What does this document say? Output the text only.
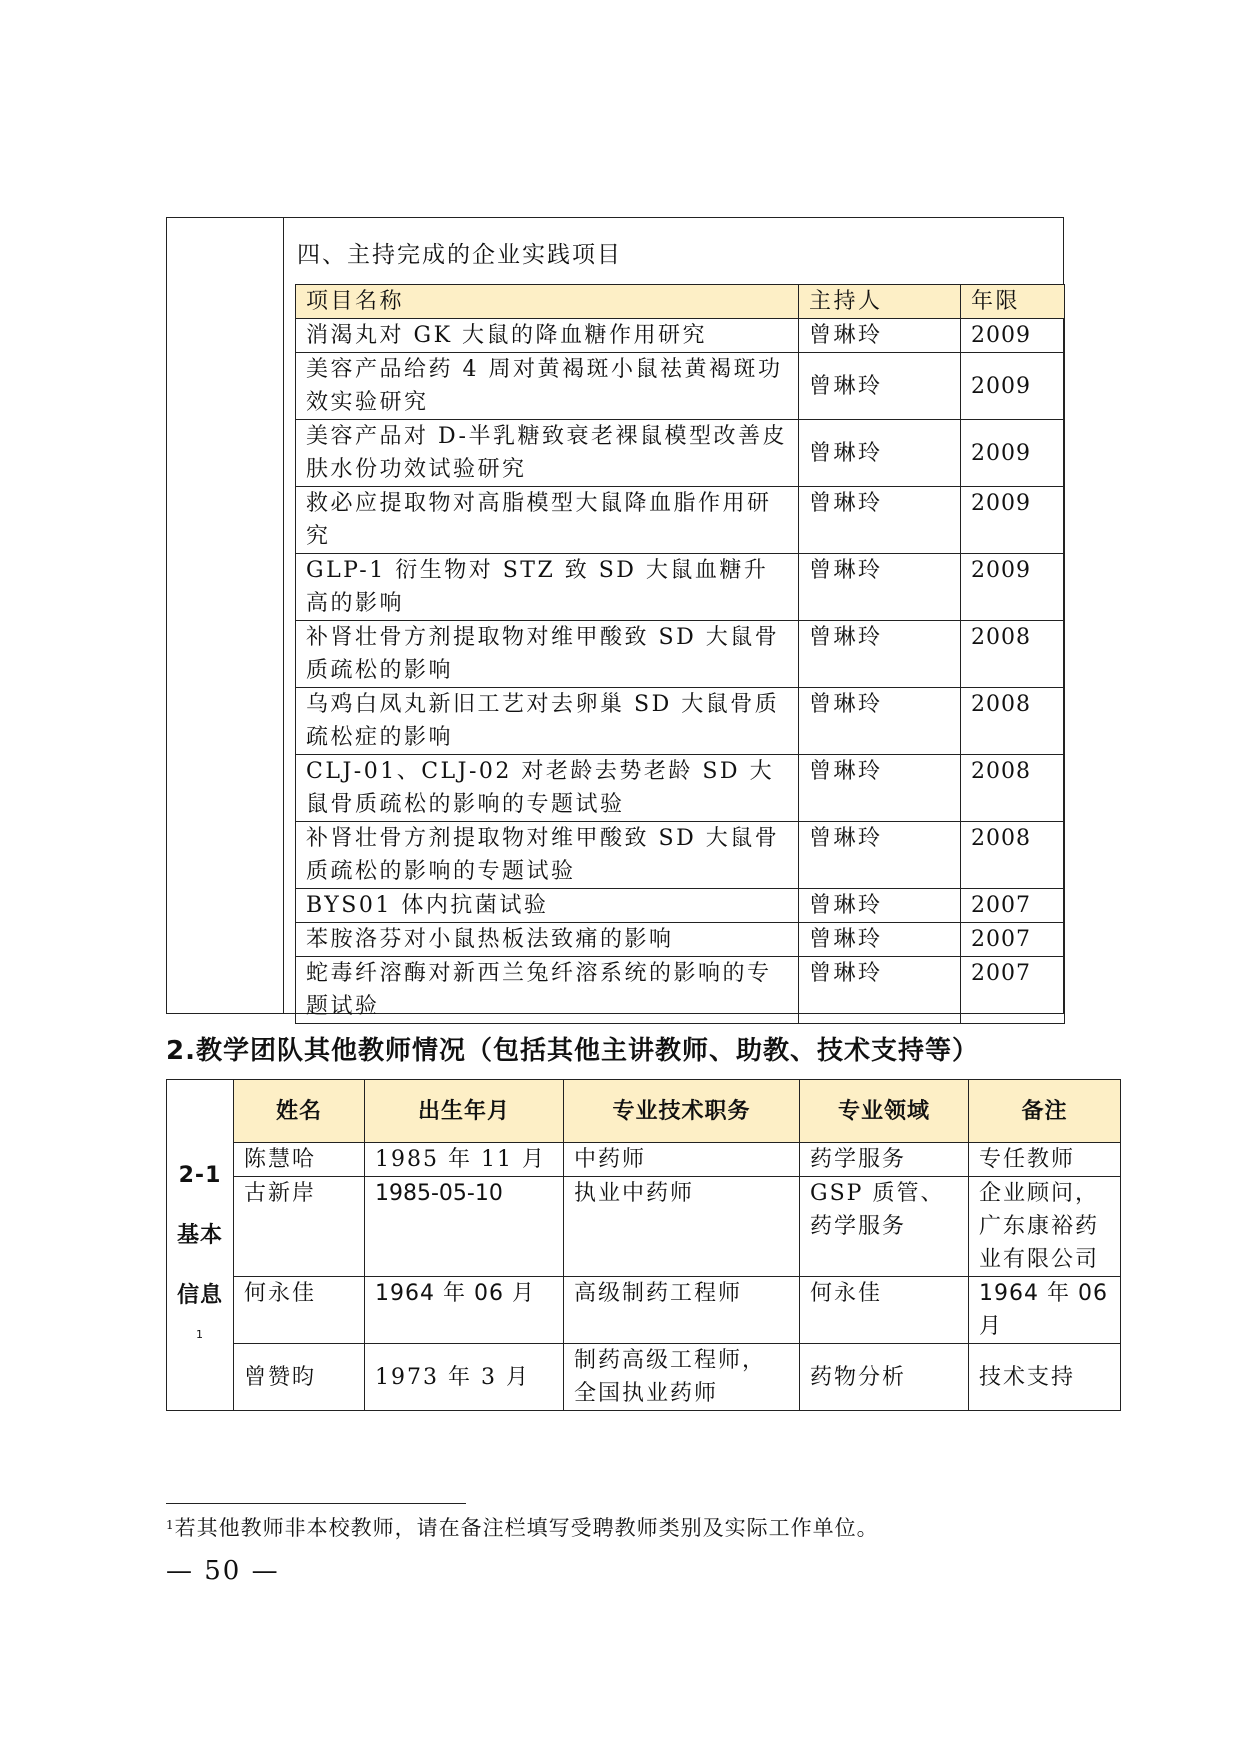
四、主持完成的企业实践项目
项目名称	主持人	年限
消渴丸对 GK 大鼠的降血糖作用研究	曾琳玲	2009
美容产品给药 4 周对黄褐斑小鼠祛黄褐斑功效实验研究	曾琳玲	2009
美容产品对 D-半乳糖致衰老裸鼠模型改善皮肤水份功效试验研究	曾琳玲	2009
救必应提取物对高脂模型大鼠降血脂作用研究	曾琳玲	2009
GLP-1 衍生物对 STZ 致 SD 大鼠血糖升高的影响	曾琳玲	2009
补肾壮骨方剂提取物对维甲酸致 SD 大鼠骨质疏松的影响	曾琳玲	2008
乌鸡白凤丸新旧工艺对去卵巢 SD 大鼠骨质疏松症的影响	曾琳玲	2008
CLJ-01、CLJ-02 对老龄去势老龄 SD 大鼠骨质疏松的影响的专题试验	曾琳玲	2008
补肾壮骨方剂提取物对维甲酸致 SD 大鼠骨质疏松的影响的专题试验	曾琳玲	2008
BYS01 体内抗菌试验	曾琳玲	2007
苯胺洛芬对小鼠热板法致痛的影响	曾琳玲	2007
蛇毒纤溶酶对新西兰兔纤溶系统的影响的专题试验	曾琳玲	2007
2.教学团队其他教师情况（包括其他主讲教师、助教、技术支持等）
2-1
基本
信息
1	姓名	出生年月	专业技术职务	专业领域	备注
	陈慧哈	1985 年 11 月	中药师	药学服务	专任教师
	古新岸	1985-05-10	执业中药师	GSP 质管、药学服务	企业顾问，广东康裕药业有限公司
	何永佳	1964 年 06 月	高级制药工程师	何永佳	1964 年 06 月
	曾赞昀	1973 年 3 月	制药高级工程师，全国执业药师	药物分析	技术支持
$^1$若其他教师非本校教师，请在备注栏填写受聘教师类别及实际工作单位。
— 50 —
